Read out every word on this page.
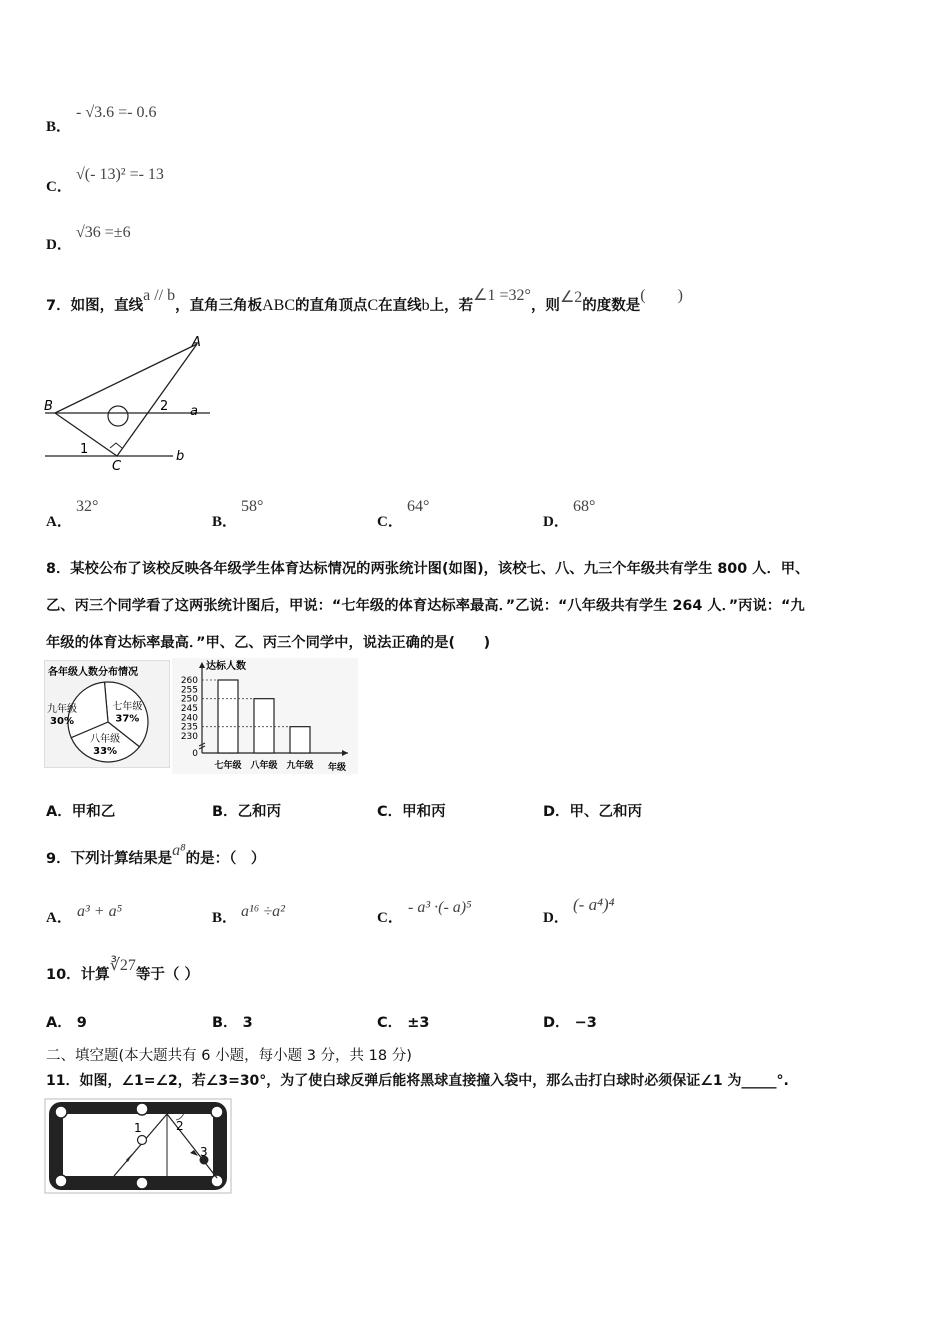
B．
- √3.6 =- 0.6
C．
√(- 13)² =- 13
D．
√36 =±6
7．如图，直线a // b，直角三角板ABC的直角顶点C在直线b上，若∠1 =32°，则∠2的度数是(　　)
A
B
C
a
b
1
2
A．
32°
B．
58°
C．
64°
D．
68°
8．某校公布了该校反映各年级学生体育达标情况的两张统计图(如图)，该校七、八、九三个年级共有学生 800 人．甲、
乙、丙三个同学看了这两张统计图后，甲说：“七年级的体育达标率最高．”乙说：“八年级共有学生 264 人．”丙说：“九
年级的体育达标率最高．”甲、乙、丙三个同学中，说法正确的是(　　)
各年级人数分布情况
七年级
37%
八年级
33%
九年级
30%
达标人数
年级
260
255
250
245
240
235
230
0
七年级 八年级 九年级
A．甲和乙	B．乙和丙	C．甲和丙	D．甲、乙和丙
9．下列计算结果是a⁸的是：（　）
A． a³ + a⁵	B． a¹⁶ ÷a²	C．
- a³ ·(- a)⁵
D．
(- a⁴)⁴
10．计算∛27等于（ ）
A． 9	B． 3	C． ±3	D． −3
二、填空题(本大题共有 6 小题，每小题 3 分，共 18 分)
11．如图，∠1=∠2，若∠3=30°，为了使白球反弹后能将黑球直接撞入袋中，那么击打白球时必须保证∠1 为_____°.
1	2
3
